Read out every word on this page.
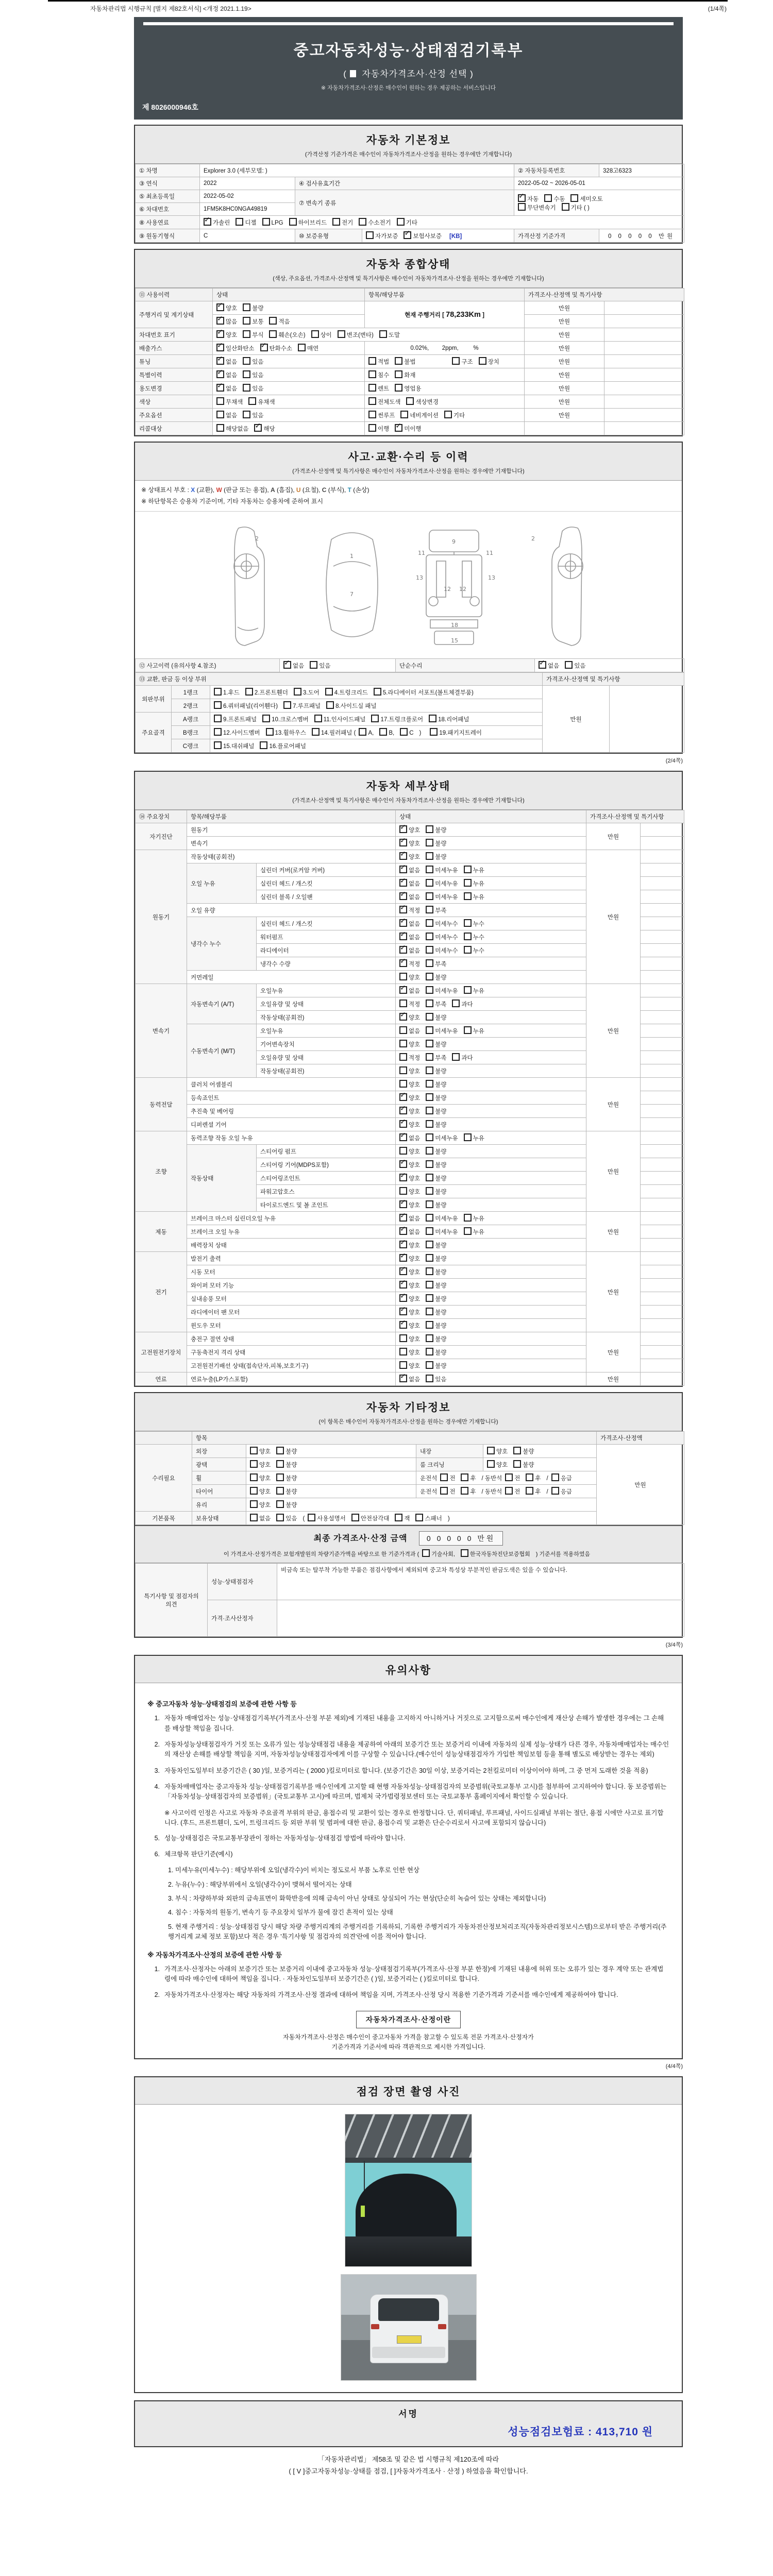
자동차관리법 시행규칙 [별지 제82호서식] <개정 2021.1.19>	(1/4쪽)
중고자동차성능·상태점검기록부
( 자동차가격조사·산정 선택 )
※ 자동차가격조사·산정은 매수인이 원하는 경우 제공하는 서비스입니다
제 8026000946호
자동차 기본정보
(가격산정 기준가격은 매수인이 자동차가격조사·산정을 원하는 경우에만 기재합니다)
① 차명	Explorer 3.0 (세부모델: )			② 자동차등록번호	328고6323
③ 연식	2022	④ 검사유효기간		2022-05-02 ~ 2026-05-01	
⑤ 최초등록일	2022-05-02	⑦ 변속기 종류	
✓자동 수동 세미오토
무단변속기 기타 ( )

⑥ 차대번호	1FM5K8HC0NGA49819				
⑧ 사용연료	✓가솔린 디젤 LPG 하이브리드 전기 수소전기 기타
⑨ 원동기형식	C	⑩ 보증유형	자가보증 ✓ 보험사보증 [KB]	가격산정 기준가격	0 0 0 0 0 만원
자동차 종합상태
(색상, 주요옵션, 가격조사·산정액 및 특기사항은 매수인이 자동차가격조사·산정을 원하는 경우에만 기재합니다)
⑪ 사용이력	상태	항목/해당부품	가격조사·산정액 및 특기사항	
주행거리 및 계기상태	✓양호 불량	현재 주행거리 [ 78,233Km ]	만원	
✓많음 보통 적음		만원	
차대번호 표기	✓양호 부식 훼손(오손) 상이 변조(변타) 도말		만원	
배출가스	✓일산화탄소 ✓ 탄화수소 매연	0.02%,        2ppm,         %	만원	
튜닝	✓없음 있음	적법 불법 구조 장치	만원	
특별이력	✓없음 있음	침수 화재	만원	
용도변경	✓없음 있음	렌트 영업용	만원	
색상	무채색 유채색	전체도색 색상변경	만원	
주요옵션	없음 있음	썬루프 네비게이션 기타	만원	
리콜대상	해당없음 ✓ 해당	이행 ✓ 미이행		
사고·교환·수리 등 이력
(가격조사·산정액 및 특기사항은 매수인이 자동차가격조사·산정을 원하는 경우에만 기재합니다)
※ 상태표시 부호 : X (교환), W (판금 또는 용접), A (흠집), U (요철), C (부식), T (손상)
※ 하단항목은 승용차 기준이며, 기타 자동차는 승용차에 준하여 표시
2
1
7
11	11
13	13
12 12
9
15
18
2
⑫ 사고이력 (유의사항 4.참조)	✓없음	있음	단순수리	✓없음	있음
⑬ 교환, 판금 등 이상 부위			가격조사·산정액 및 특기사항	
외판부위	1랭크	1.후드 2.프론트휀더 3.도어 4.트렁크리드 5.라디에이터 서포트(볼트체결부품)	만원	
	2랭크	6.쿼터패널(리어휀다) 7.루프패널 8.사이드실 패널		
주요골격	A랭크	9.프론트패널 10.크로스멤버 11.인사이드패널 17.트렁크플로어 18.리어패널		
	B랭크	12.사이드멤버 13.휠하우스 14.필러패널 ( A, B, C ) 19.패키지트레이		
	C랭크	15.대쉬패널 16.플로어패널		
(2/4쪽)
자동차 세부상태
(가격조사·산정액 및 특기사항은 매수인이 자동차가격조사·산정을 원하는 경우에만 기재합니다)
⑭ 주요장치	항목/해당부품		상태	가격조사·산정액 및 특기사항	
자기진단	원동기	✓양호 불량	만원	
	변속기	✓양호 불량	
원동기	작동상태(공회전)	✓양호 불량	만원	
	오일 누유	실린더 커버(로커암 커버)	✓없음 미세누유 누유	
		실린더 헤드 / 개스킷	✓없음 미세누유 누유	
		실린더 블록 / 오일팬	✓없음 미세누유 누유	
	오일 유량	✓적정 부족	
	냉각수 누수	실린더 헤드 / 개스킷	✓없음 미세누수 누수	
		워터펌프	✓없음 미세누수 누수	
		라디에이터	✓없음 미세누수 누수	
		냉각수 수량	✓적정 부족	
	커먼레일		양호 불량		
변속기	자동변속기 (A/T)	오일누유	✓없음 미세누유 누유	만원	
		오일유량 및 상태	적정 부족 과다		
		작동상태(공회전)	✓양호 불량	
	수동변속기 (M/T)	오일누유	없음 미세누유 누유		
		기어변속장치	양호 불량		
		오일유량 및 상태	적정 부족 과다		
		작동상태(공회전)	양호 불량		
동력전달	클러치 어셈블리		양호 불량	만원	
	등속죠인트	✓양호 불량	
	추진축 및 베어링	✓양호 불량	
	디퍼렌셜 기어	✓양호 불량	
조향	동력조향 작동 오일 누유	✓없음 미세누유 누유	만원	
	작동상태	스티어링 펌프	양호 불량		
		스티어링 기어(MDPS포함)	✓양호 불량	
		스티어링조인트	✓양호 불량	
		파워고압호스	양호 불량		
		타이로드엔드 및 볼 조인트	✓양호 불량	
제동	브레이크 마스터 실린더오일 누유	✓없음 미세누유 누유	만원	
	브레이크 오일 누유	✓없음 미세누유 누유	
	배력장치 상태	✓양호 불량	
전기	발전기 출력	✓양호 불량	만원	
	시동 모터	✓양호 불량	
	와이퍼 모터 기능	✓양호 불량	
	실내송풍 모터	✓양호 불량	
	라디에이터 팬 모터	✓양호 불량	
	윈도우 모터	✓양호 불량	
고전원전기장치	충전구 절연 상태		양호 불량	만원	
	구동축전지 격리 상태		양호 불량		
	고전원전기배선 상태(접속단자,피복,보호기구)		양호 불량		
연료	연료누출(LP가스포함)	✓없음 있음	만원	
자동차 기타정보
(이 항목은 매수인이 자동차가격조사·산정을 원하는 경우에만 기재합니다)
	항목				가격조사·산정액
수리필요	외장	양호 불량	내장	양호 불량	만원
	광택	양호 불량	룸 크리닝	양호 불량	
	휠	양호 불량	운전석 전 후 / 동반석 전 후 / 응급		
	타이어	양호 불량	운전석 전 후 / 동반석 전 후 / 응급		
	유리	양호 불량			
기본품목	보유상태	없음 있음 ( 사용설명서 안전삼각대 잭 스패너 )			
최종 가격조사·산정 금액	0 0 0 0 0 만원
이 가격조사·산정가격은 보험개발원의 차량기준가액을 바탕으로 한 기준가격과 ( 기술사회,	한국자동차진단보증협회 ) 기준서를 적용하였음
특기사항 및 점검자의 의견	성능·상태점검자	비금속 또는 탈부착 가능한 부품은 점검사항에서 제외되며 중고차 특성상 부분적인 판금도색은 있을 수 있습니다.
	가격·조사산정자	
(3/4쪽)
유의사항
※ 중고자동차 성능·상태점검의 보증에 관한 사항 등
1. 자동차 매매업자는 성능·상태점검기록부(가격조사·산정 부분 제외)에 기재된 내용을 고지하지 아니하거나 거짓으로 고지함으로써 매수인에게 재산상 손해가 발생한 경우에는 그 손해를 배상할 책임을 집니다.
2. 자동차성능상태점검자가 거짓 또는 오류가 있는 성능상태점검 내용을 제공하여 아래의 보증기간 또는 보증거리 이내에 자동차의 실제 성능·상태가 다른 경우, 자동차매매업자는 매수인의 재산상 손해를 배상할 책임을 지며, 자동차성능상태점검자에게 이를 구상할 수 있습니다.(매수인이 성능상태점검자가 가입한 책임보험 등을 통해 별도로 배상받는 경우는 제외)
3. 자동차인도일부터 보증기간은 ( 30 )일, 보증거리는 ( 2000 )킬로미터로 합니다. (보증기간은 30일 이상, 보증거리는 2천킬로미터 이상이어야 하며, 그 중 먼저 도래한 것을 적용)
4. 자동차매매업자는 중고자동차 성능·상태점검기록부를 매수인에게 고지할 때 현행 자동차성능·상태점검자의 보증범위(국토교통부 고시)를 첨부하여 고지하여야 합니다. 동 보증범위는 「자동차성능·상태점검자의 보증범위」(국토교통부 고시)에 따르며, 법제처 국가법령정보센터 또는 국토교통부 홈페이지에서 확인할 수 있습니다.
※ 사고이력 인정은 사고로 자동차 주요골격 부위의 판금, 용접수리 및 교환이 있는 경우로 한정합니다. 단, 쿼터패널, 루프패널, 사이드실패널 부위는 절단, 용접 시에만 사고로 표기합니다. (후드, 프론트휀더, 도어, 트렁크리드 등 외판 부위 및 범퍼에 대한 판금, 용접수리 및 교환은 단순수리로서 사고에 포함되지 않습니다)
5. 성능·상태점검은 국토교통부장관이 정하는 자동차성능·상태점검 방법에 따라야 합니다.
6. 체크항목 판단기준(예시)
1. 미세누유(미세누수) : 해당부위에 오일(냉각수)이 비치는 정도로서 부품 노후로 인한 현상
2. 누유(누수) : 해당부위에서 오일(냉각수)이 맺혀서 떨어지는 상태
3. 부식 : 차량하부와 외판의 금속표면이 화학반응에 의해 금속이 아닌 상태로 상실되어 가는 현상(단순히 녹슬어 있는 상태는 제외합니다)
4. 침수 : 자동차의 원동기, 변속기 등 주요장치 일부가 물에 잠긴 흔적이 있는 상태
5. 현재 주행거리 : 성능·상태점검 당시 해당 차량 주행거리계의 주행거리를 기록하되, 기록한 주행거리가 자동차전산정보처리조직(자동차관리정보시스템)으로부터 받은 주행거리(주행거리계 교체 정보 포함)보다 적은 경우 '특기사항 및 점검자의 의견'란에 이를 적어야 합니다.
※ 자동차가격조사·산정의 보증에 관한 사항 등
1. 가격조사·산정자는 아래의 보증기간 또는 보증거리 이내에 중고자동차 성능·상태점검기록부(가격조사·산정 부분 한정)에 기재된 내용에 허위 또는 오류가 있는 경우 계약 또는 관계법령에 따라 매수인에 대하여 책임을 집니다. · 자동차인도일부터 보증기간은 ( )일, 보증거리는 ( )킬로미터로 합니다.
2. 자동차가격조사·산정자는 해당 자동차의 가격조사·산정 결과에 대하여 책임을 지며, 가격조사·산정 당시 적용한 기준가격과 기준서를 매수인에게 제공하여야 합니다.
자동차가격조사·산정이란
자동차가격조사·산정은 매수인이 중고자동차 가격을 참고할 수 있도록 전문 가격조사·산정자가
기준가격과 기준서에 따라 객관적으로 제시한 가격입니다.
(4/4쪽)
점검 장면 촬영 사진
서명
성능점검보험료 : 413,710 원
「자동차관리법」 제58조 및 같은 법 시행규칙 제120조에 따라
( [ V ]중고자동차성능·상태를 점검, [ ]자동차가격조사 · 산정 ) 하였음을 확인합니다.
